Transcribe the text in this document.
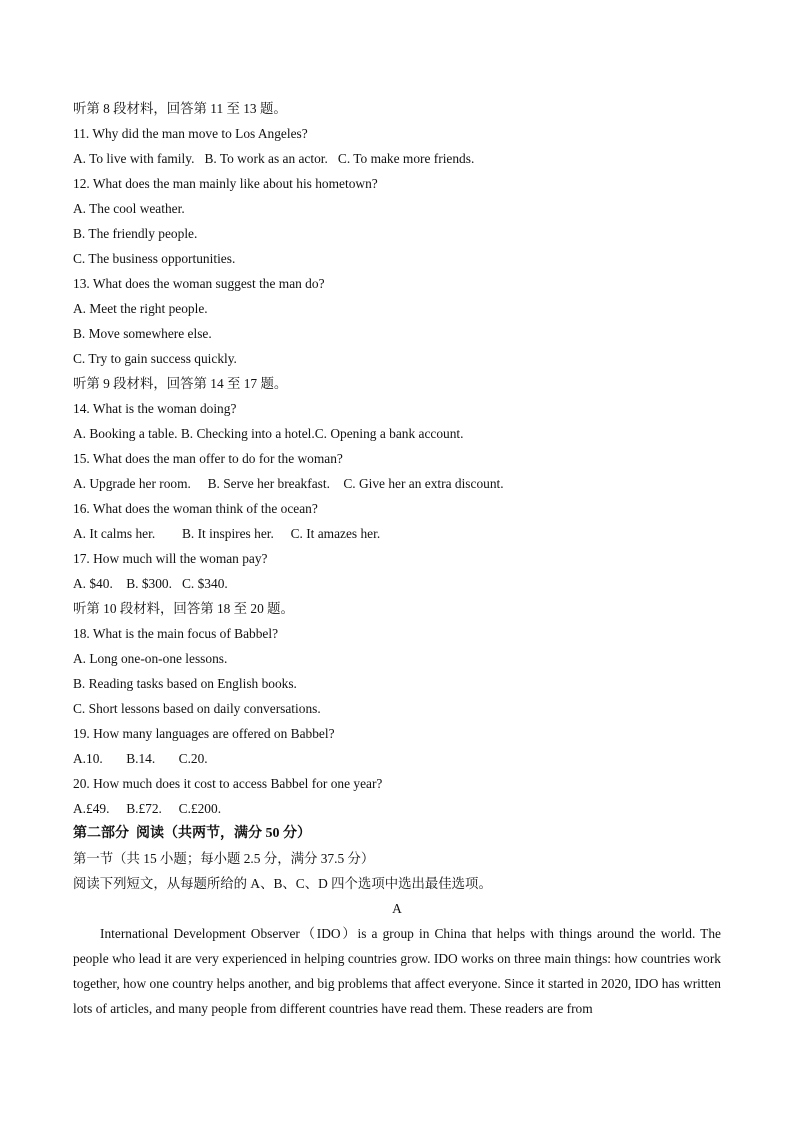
听第 8 段材料，回答第 11 至 13 题。
11. Why did the man move to Los Angeles?
A. To live with family.   B. To work as an actor.   C. To make more friends.
12. What does the man mainly like about his hometown?
A. The cool weather.
B. The friendly people.
C. The business opportunities.
13. What does the woman suggest the man do?
A. Meet the right people.
B. Move somewhere else.
C. Try to gain success quickly.
听第 9 段材料，回答第 14 至 17 题。
14. What is the woman doing?
A. Booking a table. B. Checking into a hotel.C. Opening a bank account.
15. What does the man offer to do for the woman?
A. Upgrade her room.     B. Serve her breakfast.    C. Give her an extra discount.
16. What does the woman think of the ocean?
A. It calms her.        B. It inspires her.     C. It amazes her.
17. How much will the woman pay?
A. $40.    B. $300.   C. $340.
听第 10 段材料，回答第 18 至 20 题。
18. What is the main focus of Babbel?
A. Long one-on-one lessons.
B. Reading tasks based on English books.
C. Short lessons based on daily conversations.
19. How many languages are offered on Babbel?
A.10.       B.14.       C.20.
20. How much does it cost to access Babbel for one year?
A.£49.     B.£72.     C.£200.
第二部分  阅读（共两节，满分 50 分）
第一节（共 15 小题；每小题 2.5 分，满分 37.5 分）
阅读下列短文，从每题所给的 A、B、C、D 四个选项中选出最佳选项。
A
International Development Observer（IDO）is a group in China that helps with things around the world. The people who lead it are very experienced in helping countries grow. IDO works on three main things: how countries work together, how one country helps another, and big problems that affect everyone. Since it started in 2020, IDO has written lots of articles, and many people from different countries have read them. These readers are from
